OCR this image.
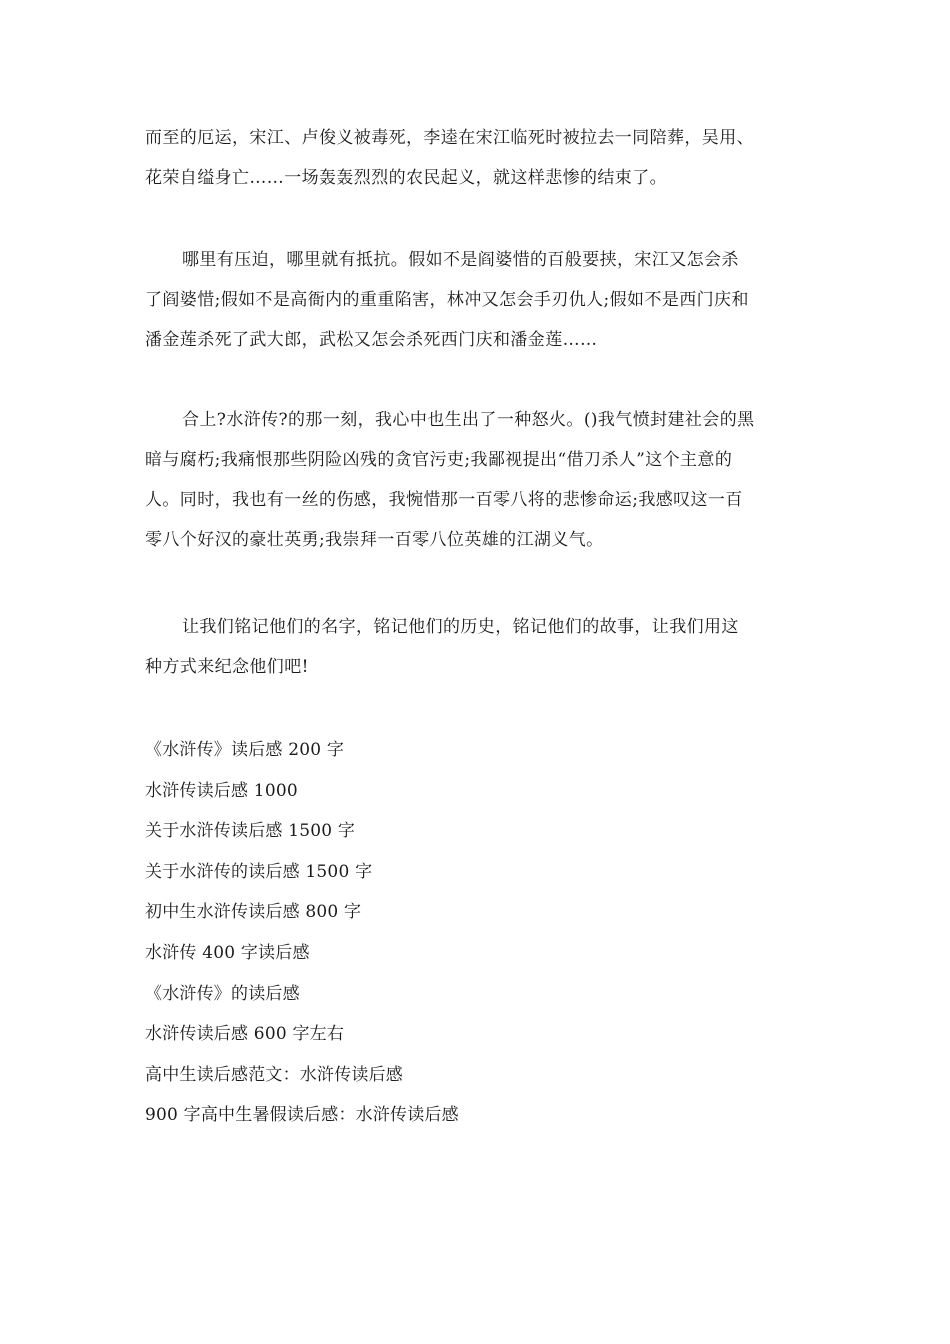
而至的厄运，宋江、卢俊义被毒死，李逵在宋江临死时被拉去一同陪葬，吴用、
花荣自缢身亡……一场轰轰烈烈的农民起义，就这样悲惨的结束了。
哪里有压迫，哪里就有抵抗。假如不是阎婆惜的百般要挟，宋江又怎会杀
了阎婆惜;假如不是高衙内的重重陷害，林冲又怎会手刃仇人;假如不是西门庆和
潘金莲杀死了武大郎，武松又怎会杀死西门庆和潘金莲……
合上?水浒传?的那一刻，我心中也生出了一种怒火。()我气愤封建社会的黑
暗与腐朽;我痛恨那些阴险凶残的贪官污吏;我鄙视提出“借刀杀人”这个主意的
人。同时，我也有一丝的伤感，我惋惜那一百零八将的悲惨命运;我感叹这一百
零八个好汉的豪壮英勇;我崇拜一百零八位英雄的江湖义气。
让我们铭记他们的名字，铭记他们的历史，铭记他们的故事，让我们用这
种方式来纪念他们吧!
《水浒传》读后感 200 字
水浒传读后感 1000
关于水浒传读后感 1500 字
关于水浒传的读后感 1500 字
初中生水浒传读后感 800 字
水浒传 400 字读后感
《水浒传》的读后感
水浒传读后感 600 字左右
高中生读后感范文：水浒传读后感
900 字高中生暑假读后感：水浒传读后感
